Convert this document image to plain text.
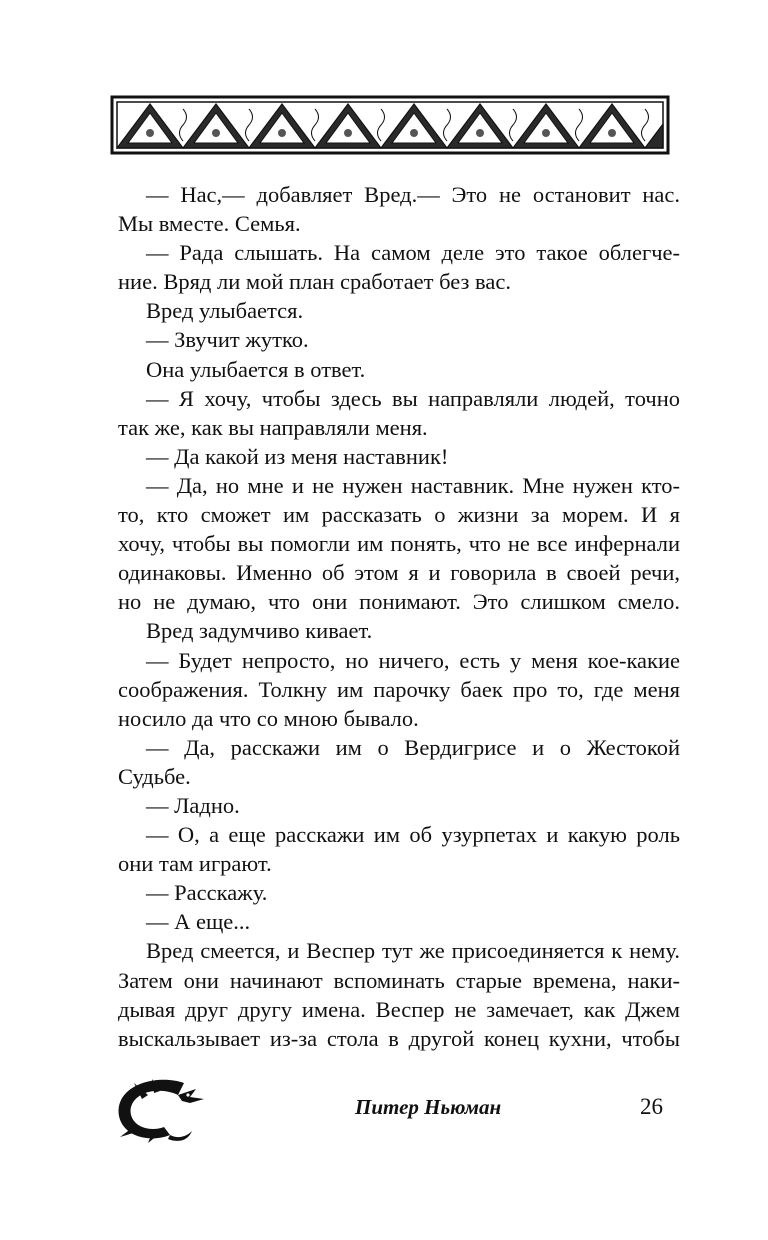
— Нас,— добавляет Вред.— Это не остановит нас.
Мы вместе. Семья.
— Рада слышать. На самом деле это такое облегче-
ние. Вряд ли мой план сработает без вас.
Вред улыбается.
— Звучит жутко.
Она улыбается в ответ.
— Я хочу, чтобы здесь вы направляли людей, точно
так же, как вы направляли меня.
— Да какой из меня наставник!
— Да, но мне и не нужен наставник. Мне нужен кто-
то, кто сможет им рассказать о жизни за морем. И я
хочу, чтобы вы помогли им понять, что не все инфернали
одинаковы. Именно об этом я и говорила в своей речи,
но не думаю, что они понимают. Это слишком смело.
Вред задумчиво кивает.
— Будет непросто, но ничего, есть у меня кое-какие
соображения. Толкну им парочку баек про то, где меня
носило да что со мною бывало.
— Да, расскажи им о Вердигрисе и о Жестокой
Судьбе.
— Ладно.
— О, а еще расскажи им об узурпетах и какую роль
они там играют.
— Расскажу.
— А еще...
Вред смеется, и Веспер тут же присоединяется к нему.
Затем они начинают вспоминать старые времена, наки-
дывая друг другу имена. Веспер не замечает, как Джем
выскальзывает из-за стола в другой конец кухни, чтобы
Питер Ньюман	26
